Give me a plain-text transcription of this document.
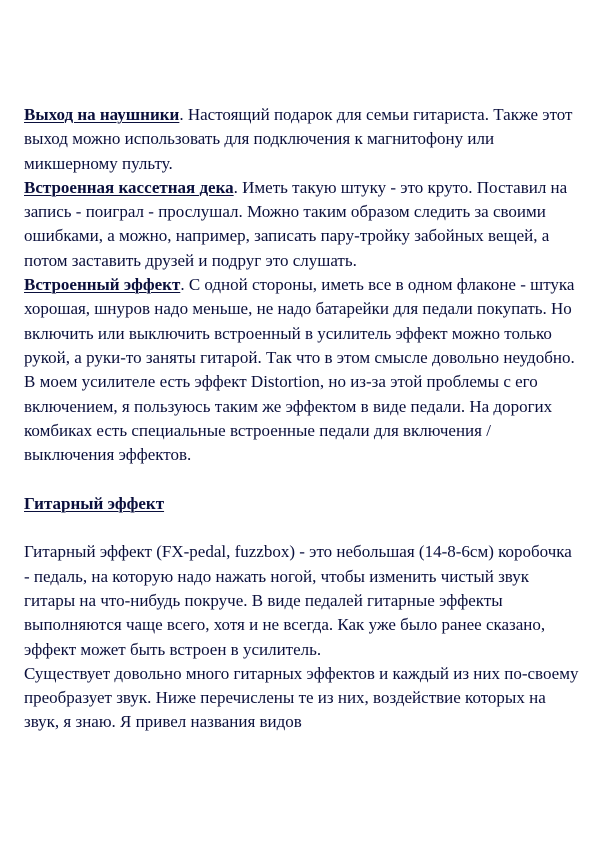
Выход на наушники. Настоящий подарок для семьи гитариста. Также этот выход можно использовать для подключения к магнитофону или микшерному пульту.

Встроенная кассетная дека. Иметь такую штуку - это круто. Поставил на запись - поиграл - прослушал. Можно таким образом следить за своими ошибками, а можно, например, записать пару-тройку забойных вещей, а потом заставить друзей и подруг это слушать.

Встроенный эффект. С одной стороны, иметь все в одном флаконе - штука хорошая, шнуров надо меньше, не надо батарейки для педали покупать. Но включить или выключить встроенный в усилитель эффект можно только рукой, а руки-то заняты гитарой. Так что в этом смысле довольно неудобно. В моем усилителе есть эффект Distortion, но из-за этой проблемы с его включением, я пользуюсь таким же эффектом в виде педали. На дорогих комбиках есть специальные встроенные педали для включения / выключения эффектов.

Гитарный эффект

Гитарный эффект (FX-pedal, fuzzbox) - это небольшая (14-8-6см) коробочка - педаль, на которую надо нажать ногой, чтобы изменить чистый звук гитары на что-нибудь покруче. В виде педалей гитарные эффекты выполняются чаще всего, хотя и не всегда. Как уже было ранее сказано, эффект может быть встроен в усилитель.

Существует довольно много гитарных эффектов и каждый из них по-своему преобразует звук. Ниже перечислены те из них, воздействие которых на звук, я знаю. Я привел названия видов
